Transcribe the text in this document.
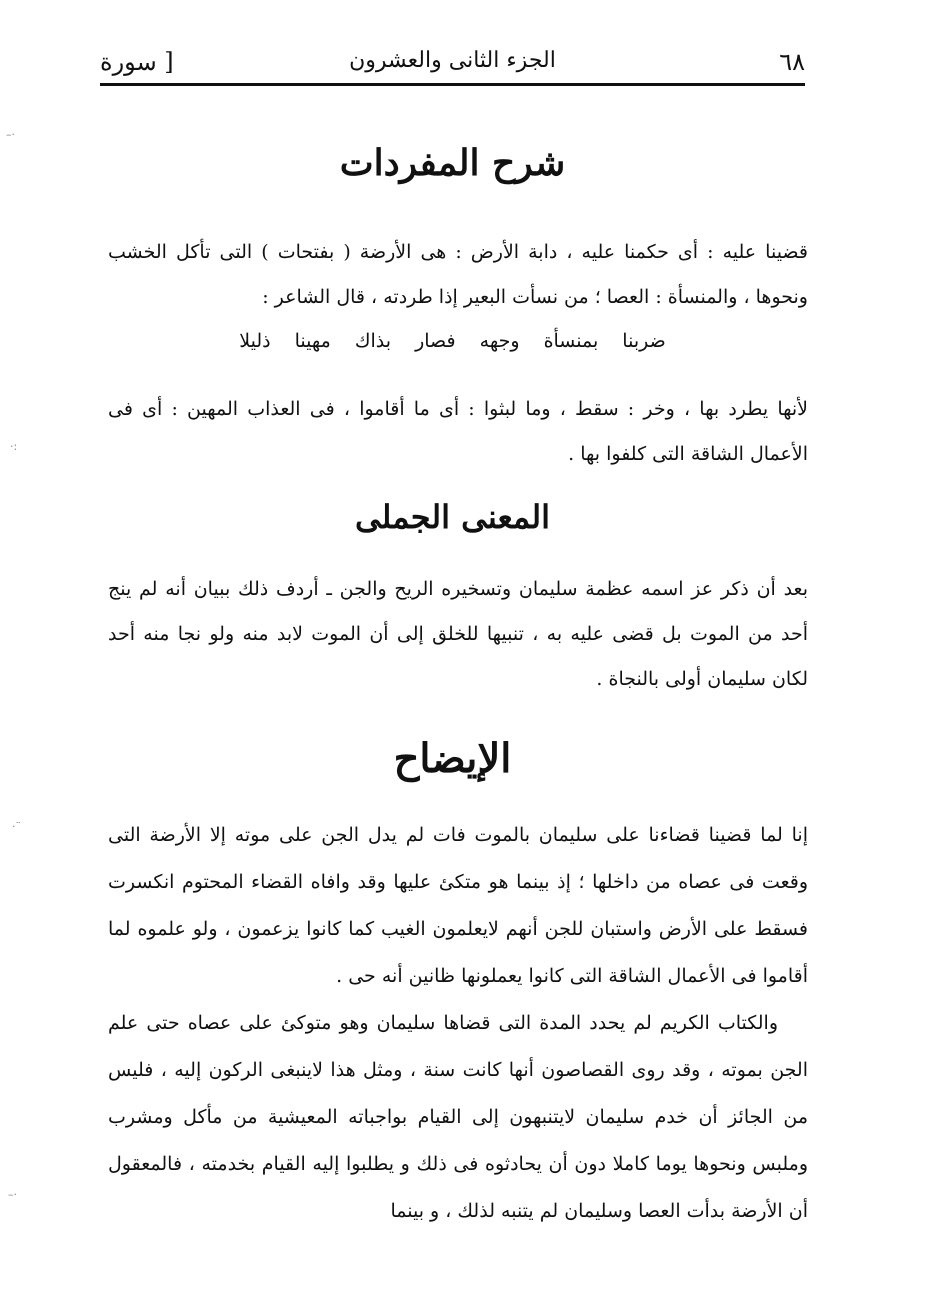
٦٨
الجزء الثانى والعشرون
[ سورة
شرح المفردات

قضينا عليه : أى حكمنا عليه ، دابة الأرض : هى الأرضة ( بفتحات ) التى تأكل الخشب ونحوها ، والمنسأة : العصا ؛ من نسأت البعير إذا طردته ، قال الشاعر :

ضربنا بمنسأة وجهه فصار بذاك مهينا ذليلا

لأنها يطرد بها ، وخر : سقط ، وما لبثوا : أى ما أقاموا ، فى العذاب المهين : أى فى الأعمال الشاقة التى كلفوا بها .

المعنى الجملى

بعد أن ذكر عز اسمه عظمة سليمان وتسخيره الريح والجن ـ أردف ذلك ببيان أنه لم ينج أحد من الموت بل قضى عليه به ، تنبيها للخلق إلى أن الموت لابد منه ولو نجا منه أحد لكان سليمان أولى بالنجاة .

الإيضاح
إنا لما قضينا قضاءنا على سليمان بالموت فات لم يدل الجن على موته إلا الأرضة التى وقعت فى عصاه من داخلها ؛ إذ بينما هو متكئ عليها وقد وافاه القضاء المحتوم انكسرت فسقط على الأرض واستبان للجن أنهم لايعلمون الغيب كما كانوا يزعمون ، ولو علموه لما أقاموا فى الأعمال الشاقة التى كانوا يعملونها ظانين أنه حى .
والكتاب الكريم لم يحدد المدة التى قضاها سليمان وهو متوكئ على عصاه حتى علم الجن بموته ، وقد روى القصاصون أنها كانت سنة ، ومثل هذا لاينبغى الركون إليه ، فليس من الجائز أن خدم سليمان لايتنبهون إلى القيام بواجباته المعيشية من مأكل ومشرب وملبس ونحوها يوما كاملا دون أن يحادثوه فى ذلك و يطلبوا إليه القيام بخدمته ، فالمعقول أن الأرضة بدأت العصا وسليمان لم يتنبه لذلك ، و بينما
–·
·:
·¨
–·
